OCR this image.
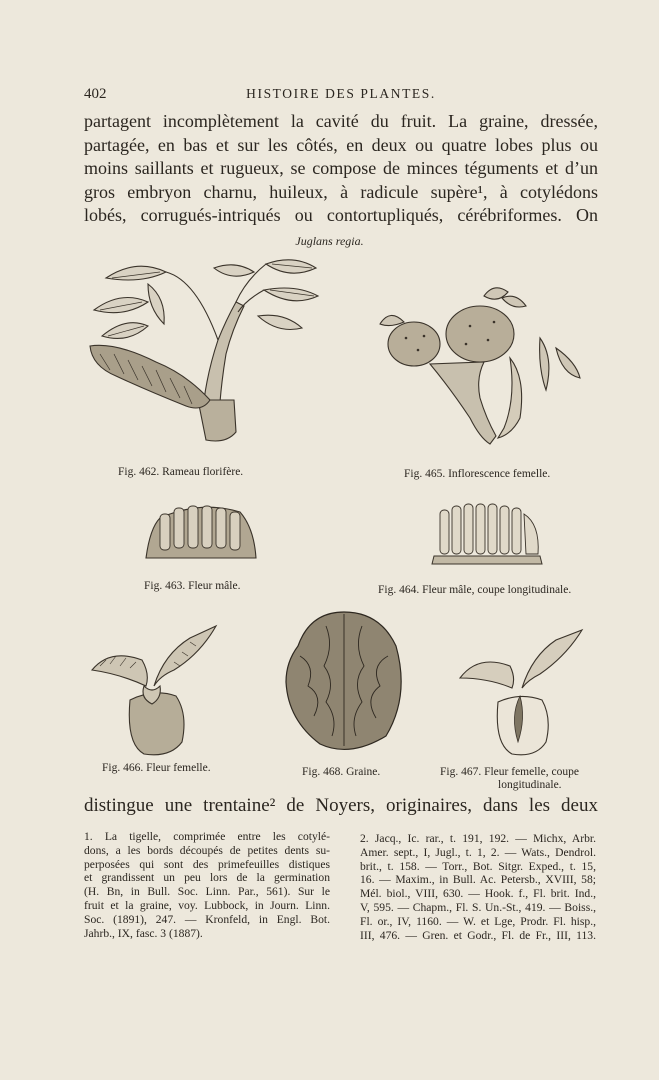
402	HISTOIRE DES PLANTES.
partagent incomplètement la cavité du fruit. La graine, dressée,
partagée, en bas et sur les côtés, en deux ou quatre lobes plus ou
moins saillants et rugueux, se compose de minces téguments et d’un
gros embryon charnu, huileux, à radicule supère¹, à cotylédons
lobés, corrugués-intriqués ou contortupliqués, cérébriformes. On
Juglans regia.
Fig. 462. Rameau florifère.	Fig. 465. Inflorescence femelle.
Fig. 463. Fleur mâle.	Fig. 464. Fleur mâle, coupe longitudinale.
Fig. 466. Fleur femelle.	Fig. 468. Graine.	Fig. 467. Fleur femelle, coupe
longitudinale.
distingue une trentaine² de Noyers, originaires, dans les deux
1. La tigelle, comprimée entre les cotylé-
dons, a les bords découpés de petites dents su-
perposées qui sont des primefeuilles distiques
et grandissent un peu lors de la germination
(H. Bn, in Bull. Soc. Linn. Par., 561). Sur le
fruit et la graine, voy. Lubbock, in Journ. Linn.
Soc. (1891), 247. — Kronfeld, in Engl. Bot.
Jahrb., IX, fasc. 3 (1887).
2. Jacq., Ic. rar., t. 191, 192. — Michx, Arbr.
Amer. sept., I, Jugl., t. 1, 2. — Wats., Dendrol.
brit., t. 158. — Torr., Bot. Sitgr. Exped., t. 15,
16. — Maxim., in Bull. Ac. Petersb., XVIII, 58;
Mél. biol., VIII, 630. — Hook. f., Fl. brit. Ind.,
V, 595. — Chapm., Fl. S. Un.-St., 419. — Boiss.,
Fl. or., IV, 1160. — W. et Lge, Prodr. Fl. hisp.,
III, 476. — Gren. et Godr., Fl. de Fr., III, 113.
